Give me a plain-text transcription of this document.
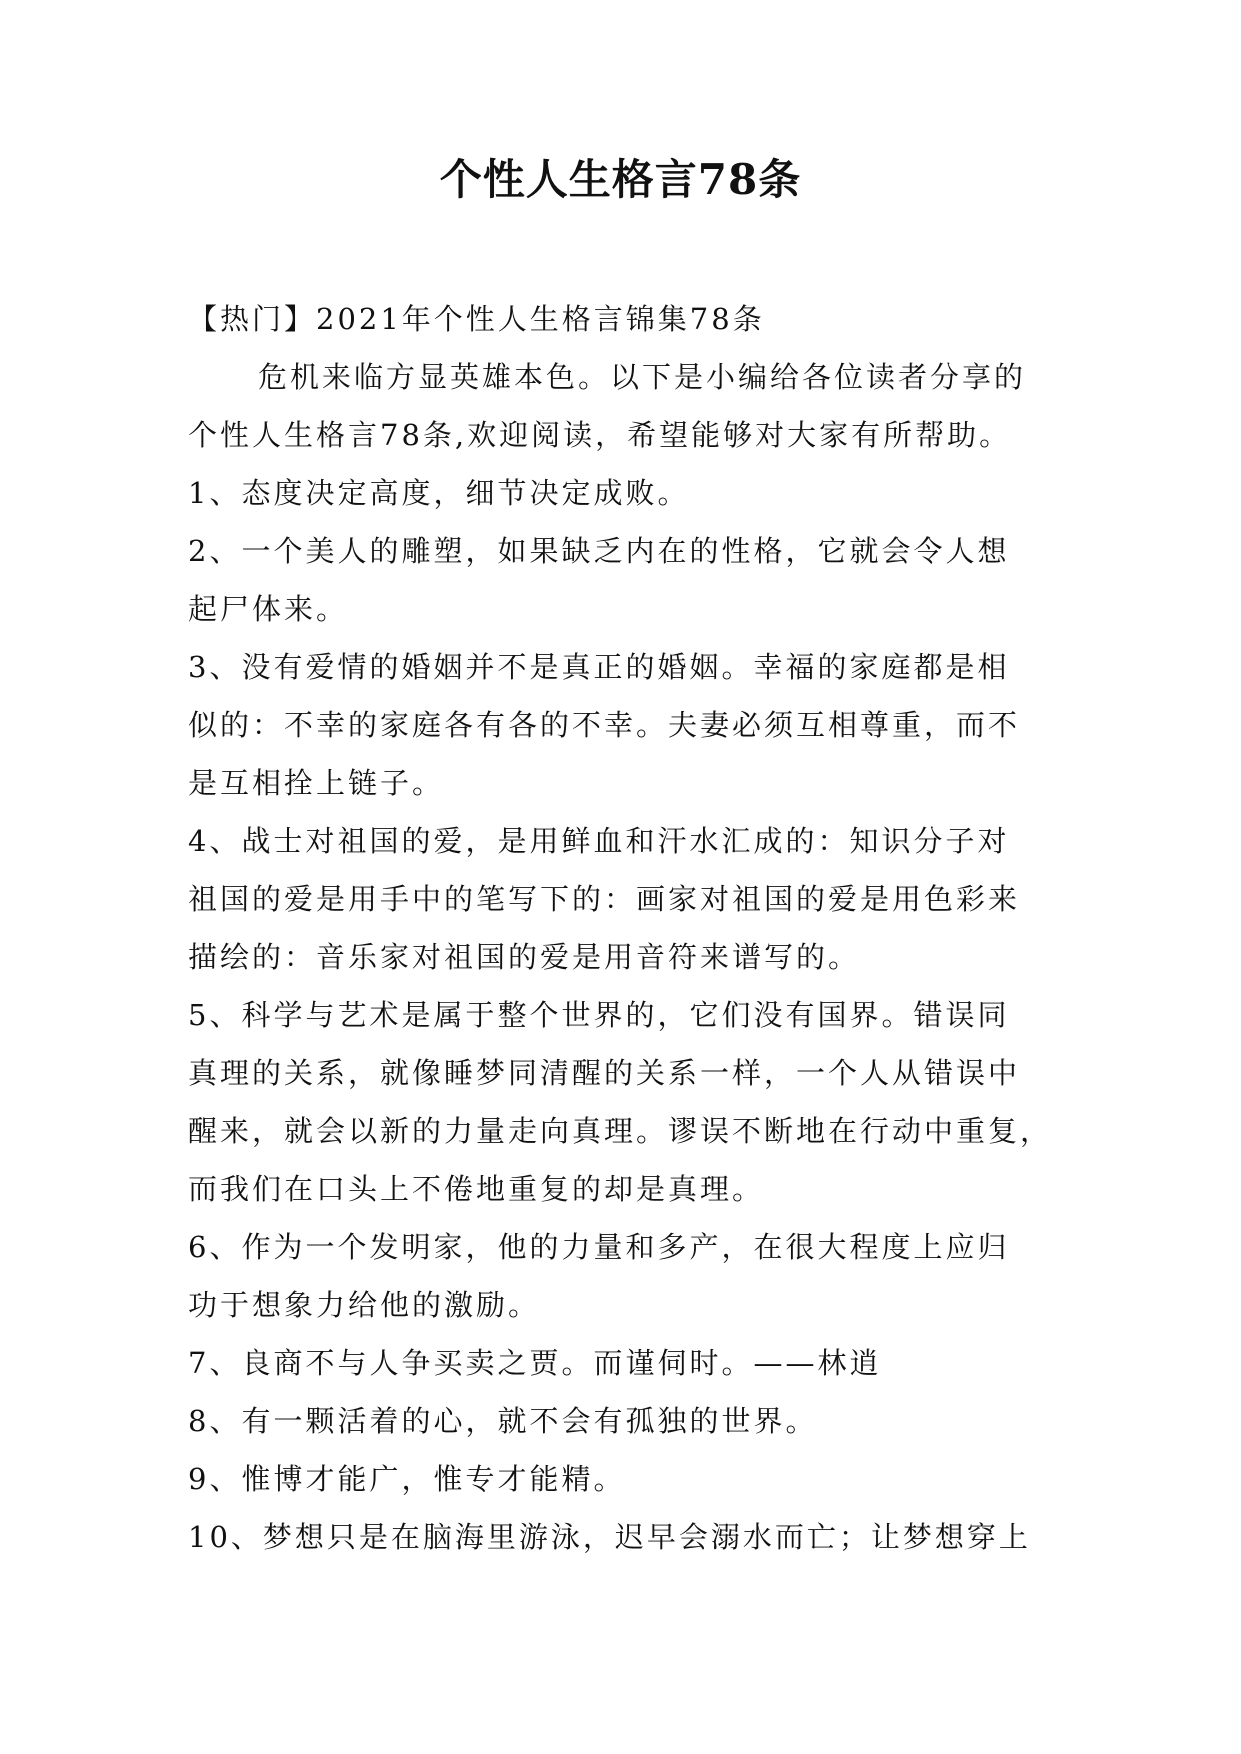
个性人生格言78条
【热门】2021年个性人生格言锦集78条
危机来临方显英雄本色。以下是小编给各位读者分享的
个性人生格言78条,欢迎阅读，希望能够对大家有所帮助。
1、态度决定高度，细节决定成败。
2、一个美人的雕塑，如果缺乏内在的性格，它就会令人想
起尸体来。
3、没有爱情的婚姻并不是真正的婚姻。幸福的家庭都是相
似的：不幸的家庭各有各的不幸。夫妻必须互相尊重，而不
是互相拴上链子。
4、战士对祖国的爱，是用鲜血和汗水汇成的：知识分子对
祖国的爱是用手中的笔写下的：画家对祖国的爱是用色彩来
描绘的：音乐家对祖国的爱是用音符来谱写的。
5、科学与艺术是属于整个世界的，它们没有国界。错误同
真理的关系，就像睡梦同清醒的关系一样，一个人从错误中
醒来，就会以新的力量走向真理。谬误不断地在行动中重复，
而我们在口头上不倦地重复的却是真理。
6、作为一个发明家，他的力量和多产，在很大程度上应归
功于想象力给他的激励。
7、良商不与人争买卖之贾。而谨伺时。——林逍
8、有一颗活着的心，就不会有孤独的世界。
9、惟博才能广，惟专才能精。
10、梦想只是在脑海里游泳，迟早会溺水而亡；让梦想穿上
